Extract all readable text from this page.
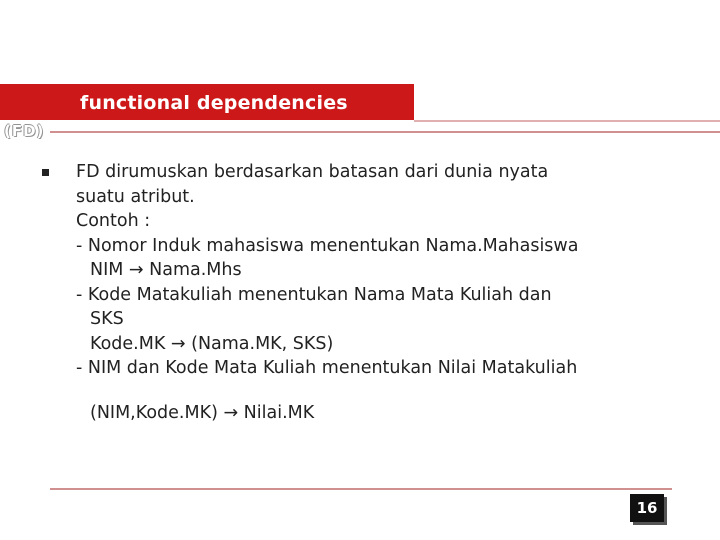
functional dependencies
(FD)
FD dirumuskan berdasarkan batasan dari dunia nyata
suatu atribut.
Contoh :
- Nomor Induk mahasiswa menentukan Nama.Mahasiswa
NIM → Nama.Mhs
- Kode Matakuliah menentukan Nama Mata Kuliah dan
SKS
Kode.MK → (Nama.MK, SKS)
- NIM dan Kode Mata Kuliah menentukan Nilai Matakuliah
(NIM,Kode.MK) → Nilai.MK
16
